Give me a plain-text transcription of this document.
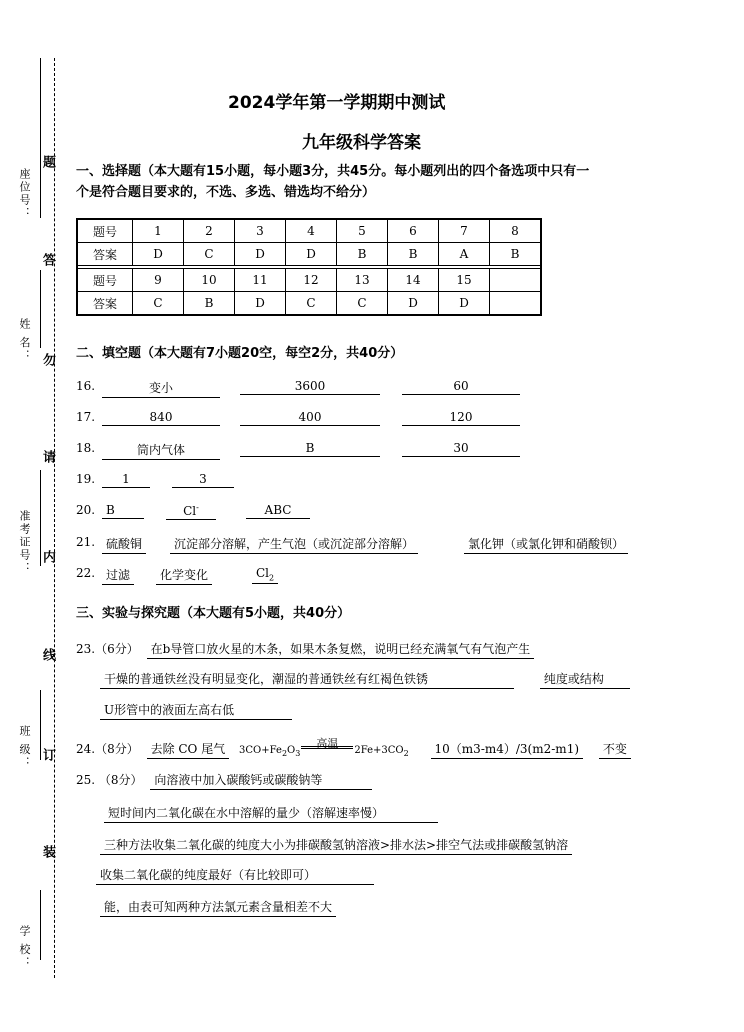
座位号：
姓 名：
准考证号：
班 级：
学 校：
题
答
勿
请
内
线
订
装
2024学年第一学期期中测试
九年级科学答案
一、选择题（本大题有15小题，每小题3分，共45分。每小题列出的四个备选项中只有一
个是符合题目要求的，不选、多选、错选均不给分）
题号	1	2	3	4	5	6	7	8
答案	D	C	D	D	B	B	A	B

题号	9	10	11	12	13	14	15	
答案	C	B	D	C	C	D	D	
二、填空题（本大题有7小题20空，每空2分，共40分）
16.	变小	3600	60
17.	840	400	120
18.	筒内气体	B	30
19.	1	3
20. B	Cl-	ABC
21. 硫酸铜	沉淀部分溶解，产生气泡（或沉淀部分溶解）	氯化钾（或氯化钾和硝酸钡）
22. 过滤	化学变化	$Cl_2$
三、实验与探究题（本大题有5小题，共40分）
23.（6分） 在b导管口放火星的木条，如果木条复燃，说明已经充满氧气有气泡产生
干燥的普通铁丝没有明显变化，潮湿的普通铁丝有红褐色铁锈	纯度或结构
U形管中的液面左高右低
24.（8分） 去除 CO 尾气 $3CO+Fe_2O_3$
高温
$2Fe+3CO_2$ 10（m3-m4）/3(m2-m1) 不变
25. （8分） 向溶液中加入碳酸钙或碳酸钠等
短时间内二氧化碳在水中溶解的量少（溶解速率慢）
三种方法收集二氧化碳的纯度大小为排碳酸氢钠溶液>排水法>排空气法或排碳酸氢钠溶
收集二氧化碳的纯度最好（有比较即可）
能，由表可知两种方法氯元素含量相差不大
